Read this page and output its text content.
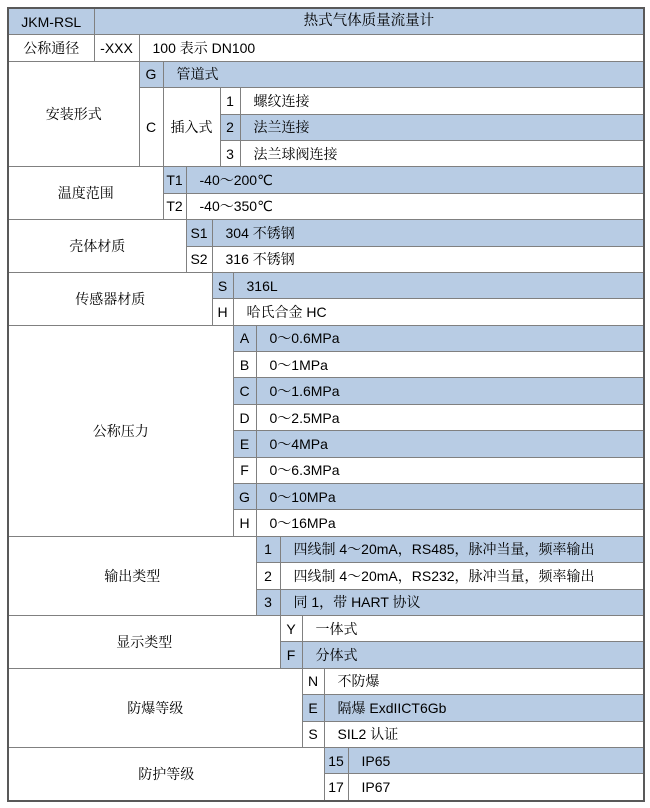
JKM-RSL	热式气体质量流量计												
公称通径	-XXX	100 表示 DN100											
安装形式		G	管道式										
		C	插入式			1		螺纹连接					
						2		法兰连接					
						3		法兰球阀连接					
温度范围			T1	-40～200℃									
			T2	-40～350℃									
壳体材质				S1	304 不锈钢								
				S2	316 不锈钢								
传感器材质					S		316L						
					H		哈氏合金 HC						
公称压力							A		0～0.6MPa				
							B		0～1MPa				
							C		0～1.6MPa				
							D		0～2.5MPa				
							E		0～4MPa				
							F		0～6.3MPa				
							G		0～10MPa				
							H		0～16MPa				
输出类型									1	四线制 4～20mA，RS485，脉冲当量，频率输出			
									2	四线制 4～20mA，RS232，脉冲当量，频率输出			
									3	同 1，带 HART 协议			
显示类型										Y	一体式		
										F	分体式		
防爆等级											N	不防爆	
											E	隔爆 ExdIICT6Gb	
											S	SIL2 认证	
防护等级												15	IP65
												17	IP67
